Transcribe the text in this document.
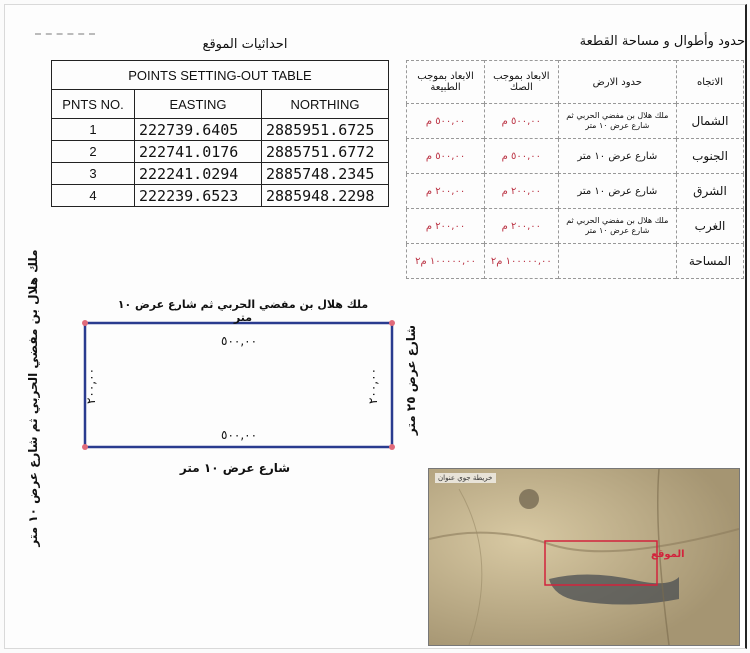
احداثيات الموقع
POINTS SETTING-OUT TABLE		
PNTS NO.	EASTING	NORTHING
1	222739.6405	2885951.6725
2	222741.0176	2885751.6772
3	222241.0294	2885748.2345
4	222239.6523	2885948.2298
حدود وأطوال و مساحة القطعة
الاتجاه	حدود الارض	الابعاد بموجب الصك	الابعاد بموجب الطبيعة
الشمال	ملك هلال بن مفضي الحربي ثم شارع عرض ١٠ متر	٥٠٠,٠٠ م	٥٠٠,٠٠ م
الجنوب	شارع عرض ١٠ متر	٥٠٠,٠٠ م	٥٠٠,٠٠ م
الشرق	شارع عرض ١٠ متر	٢٠٠,٠٠ م	٢٠٠,٠٠ م
الغرب	ملك هلال بن مفضي الحربي ثم شارع عرض ١٠ متر	٢٠٠,٠٠ م	٢٠٠,٠٠ م
المساحة		١٠٠٠٠٠,٠٠ م٢	١٠٠٠٠٠,٠٠ م٢
ملك هلال بن مفضي الحربي ثم شارع عرض ١٠ متر
شارع عرض ١٠ متر
ملك هلال بن مفضي الحربي ثم شارع عرض ١٠ متر	شارع عرض ٢٥ متر
٥٠٠,٠٠
٥٠٠,٠٠
٢٠٠,٠٠	٢٠٠,٠٠
خريطة جوي عنوان
الموقع
